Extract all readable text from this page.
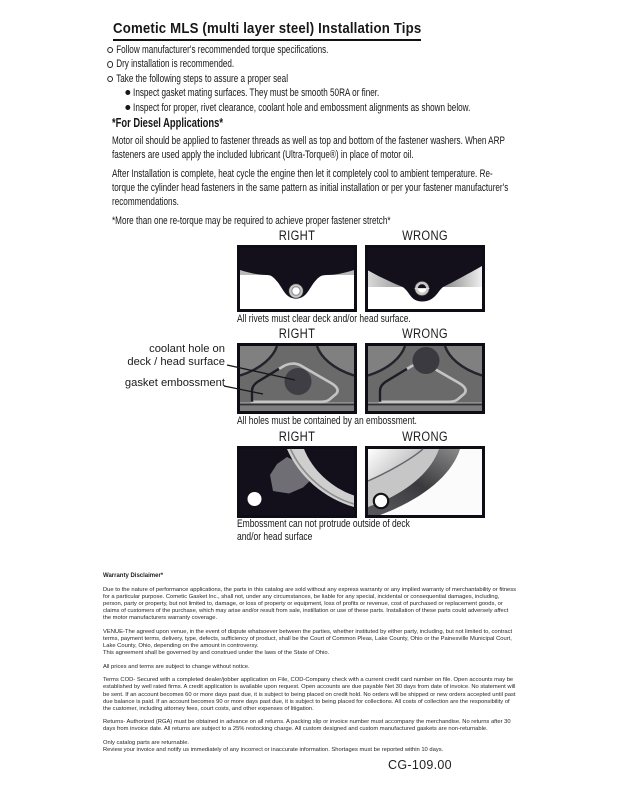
Cometic MLS (multi layer steel) Installation Tips
Follow manufacturer's recommended torque specifications.
Dry installation is recommended.
Take the following steps to assure a proper seal
Inspect gasket mating surfaces. They must be smooth 50RA or finer.
Inspect for proper, rivet clearance, coolant hole and embossment alignments as shown below.
*For Diesel Applications*

Motor oil should be applied to fastener threads as well as top and bottom of the fastener washers. When ARP fasteners are used apply the included lubricant (Ultra-Torque®) in place of motor oil.

After Installation is complete, heat cycle the engine then let it completely cool to ambient temperature. Re-torque the cylinder head fasteners in the same pattern as initial installation or per your fastener manufacturer's recommendations.

*More than one re-torque may be required to achieve proper fastener stretch*

RIGHT	WRONG
All rivets must clear deck and/or head surface.
RIGHT	WRONG
All holes must be contained by an embossment.
coolant hole on
deck / head surface
gasket embossment
RIGHT	WRONG
Embossment can not protrude outside of deck and/or head surface
Warranty Disclaimer*

Due to the nature of performance applications, the parts in this catalog are sold without any express warranty or any implied warranty of merchantability or fitness for a particular purpose. Cometic Gasket Inc., shall not, under any circumstances, be liable for any special, incidental or consequential damages, including, person, party or property, but not limited to, damage, or loss of property or equipment, loss of profits or revenue, cost of purchased or replacement goods, or claims of customers of the purchase, which may arise and/or result from sale, instillation or use of these parts. Installation of these parts could adversely affect the motor manufacturers warranty coverage.

VENUE-The agreed upon venue, in the event of dispute whatsoever between the parties, whether instituted by either party, including, but not limited to, contract terms, payment terms, delivery, type, defects, sufficiency of product, shall be the Court of Common Pleas, Lake County, Ohio or the Painesville Municipal Court, Lake County, Ohio, depending on the amount in controversy.

This agreement shall be governed by and construed under the laws of the State of Ohio.

All prices and terms are subject to change without notice.

Terms COD- Secured with a completed dealer/jobber application on File, COD-Company check with a current credit card number on file. Open accounts may be established by well rated firms. A credit application is available upon request. Open accounts are due payable Net 30 days from date of invoice. No statement will be sent. If an account becomes 60 or more days past due, it is subject to being placed on credit hold. No orders will be shipped or new orders accepted until past due balance is paid. If an account becomes 90 or more days past due, it is subject to being placed for collections. All costs of collection are the responsibility of the customer, including attorney fees, court costs, and other expenses of litigation.

Returns- Authorized (RGA) must be obtained in advance on all returns. A packing slip or invoice number must accompany the merchandise. No returns after 30 days from invoice date. All returns are subject to a 25% restocking charge. All custom designed and custom manufactured gaskets are non-returnable.

Only catalog parts are returnable.

Review your invoice and notify us immediately of any incorrect or inaccurate information. Shortages must be reported within 10 days.

CG-109.00
